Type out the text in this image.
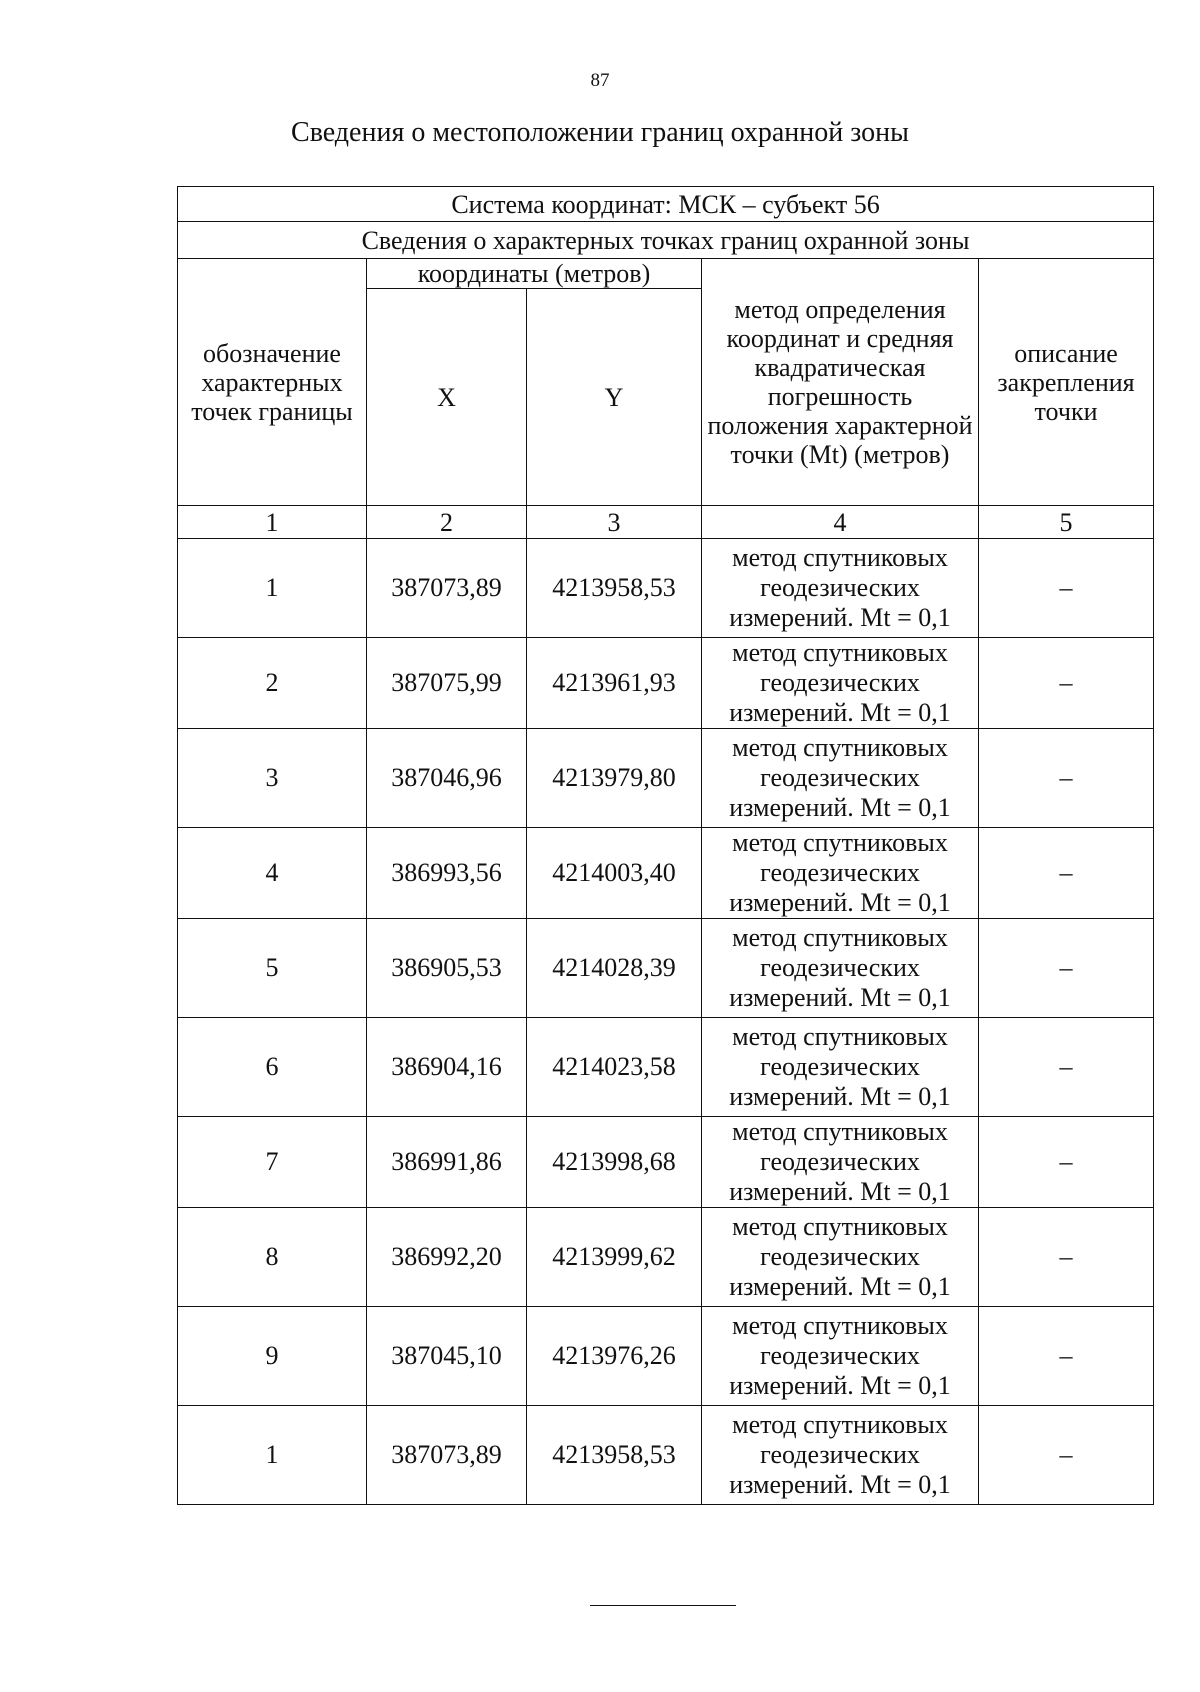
87
Сведения о местоположении границ охранной зоны
Система координат: МСК – субъект 56				
Сведения о характерных точках границ охранной зоны				
обозначение характерных точек границы	координаты (метров)		метод определения координат и средняя квадратическая погрешность положения характерной точки (Mt) (метров)	описание закрепления точки
	X	Y		
1	2	3	4	5
1	387073,89	4213958,53	метод спутниковых геодезических измерений. Mt = 0,1	–
2	387075,99	4213961,93	метод спутниковых геодезических измерений. Mt = 0,1	–
3	387046,96	4213979,80	метод спутниковых геодезических измерений. Mt = 0,1	–
4	386993,56	4214003,40	метод спутниковых геодезических измерений. Mt = 0,1	–
5	386905,53	4214028,39	метод спутниковых геодезических измерений. Mt = 0,1	–
6	386904,16	4214023,58	метод спутниковых геодезических измерений. Mt = 0,1	–
7	386991,86	4213998,68	метод спутниковых геодезических измерений. Mt = 0,1	–
8	386992,20	4213999,62	метод спутниковых геодезических измерений. Mt = 0,1	–
9	387045,10	4213976,26	метод спутниковых геодезических измерений. Mt = 0,1	–
1	387073,89	4213958,53	метод спутниковых геодезических измерений. Mt = 0,1	–
